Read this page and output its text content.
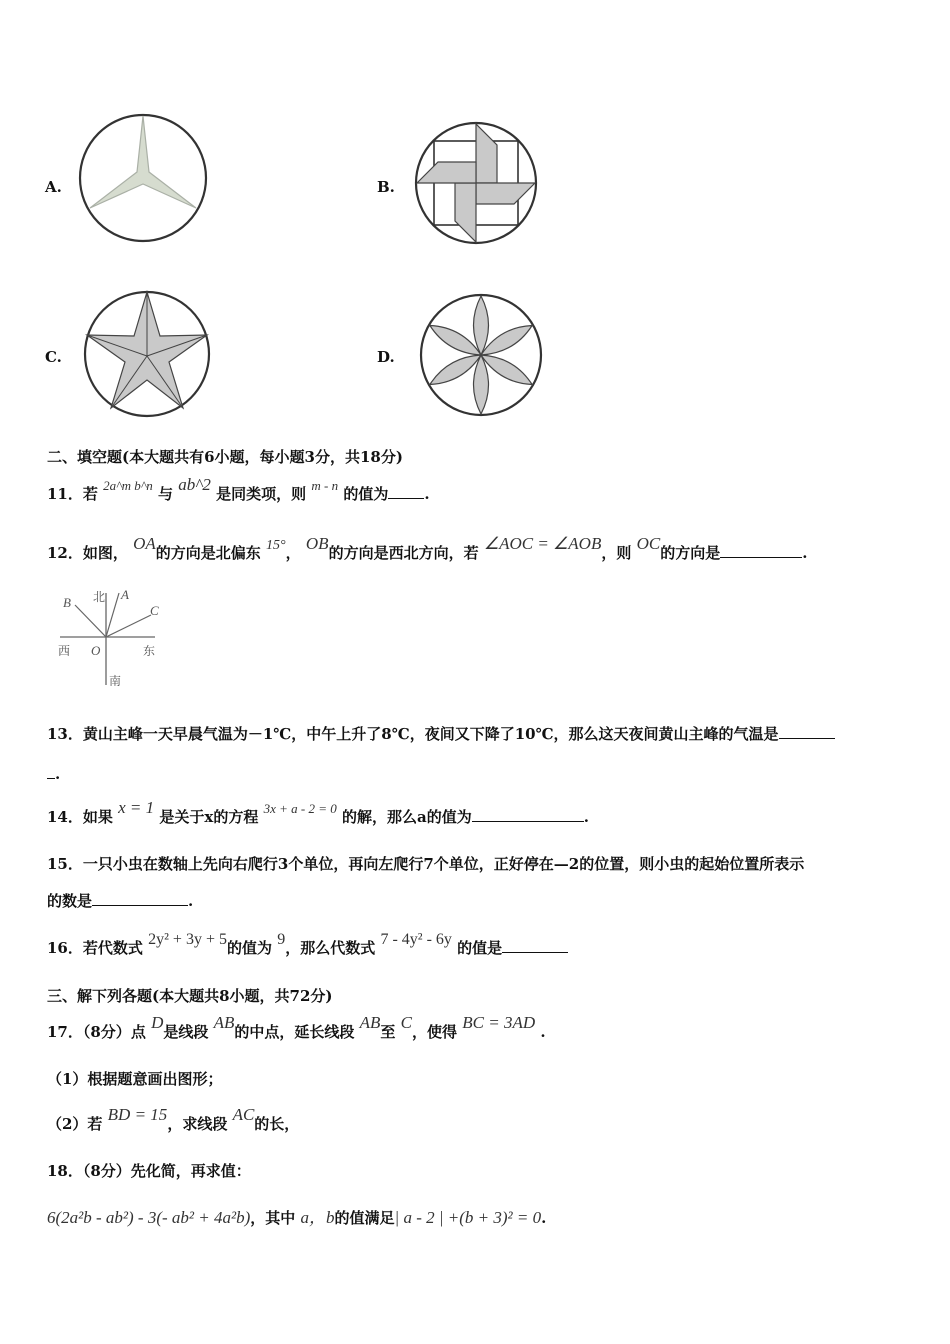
A.	B.
C.	D.
二、填空题(本大题共有6小题，每小题3分，共18分)
11．若 2a^m b^n 与 ab^2 是同类项，则 m - n 的值为 .
12．如图， OA的方向是北偏东 15°， OB的方向是西北方向，若 ∠AOC = ∠AOB，则 OC的方向是	.
北 A
B
C
西 O	东
南
13．黄山主峰一天早晨气温为－1℃，中午上升了8℃，夜间又下降了10℃，那么这天夜间黄山主峰的气温是
.
14．如果 x = 1 是关于x的方程 3x + a - 2 = 0 的解，那么a的值为	.
15．一只小虫在数轴上先向右爬行3个单位，再向左爬行7个单位，正好停在—2的位置，则小虫的起始位置所表示
的数是	.
16．若代数式 2y² + 3y + 5的值为 9，那么代数式 7 - 4y² - 6y 的值是
三、解下列各题(本大题共8小题，共72分)
17．（8分）点 D是线段 AB的中点，延长线段 AB至 C，使得 BC = 3AD .
（1）根据题意画出图形；
（2）若 BD = 15，求线段 AC的长，
18．（8分）先化简，再求值：
6(2a²b - ab²) - 3(- ab² + 4a²b)，其中 a，b的值满足| a - 2 | +(b + 3)² = 0.
